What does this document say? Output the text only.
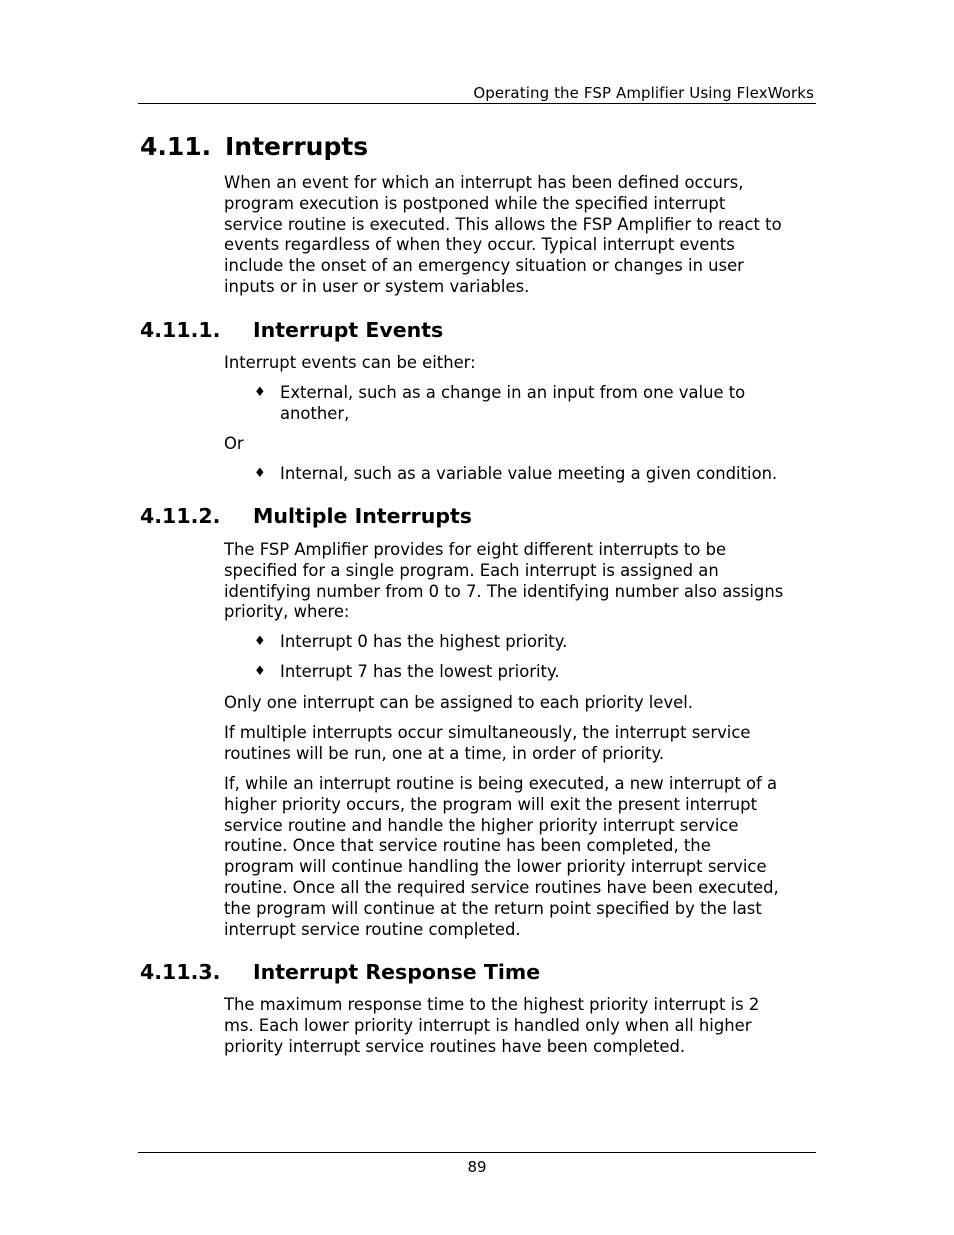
Operating the FSP Amplifier Using FlexWorks
4.11. Interrupts
When an event for which an interrupt has been defined occurs,
program execution is postponed while the specified interrupt
service routine is executed. This allows the FSP Amplifier to react to
events regardless of when they occur. Typical interrupt events
include the onset of an emergency situation or changes in user
inputs or in user or system variables.
4.11.1. Interrupt Events
Interrupt events can be either:
♦ External, such as a change in an input from one value to
another,
Or
♦ Internal, such as a variable value meeting a given condition.
4.11.2. Multiple Interrupts
The FSP Amplifier provides for eight different interrupts to be
specified for a single program. Each interrupt is assigned an
identifying number from 0 to 7. The identifying number also assigns
priority, where:
♦ Interrupt 0 has the highest priority.
♦ Interrupt 7 has the lowest priority.
Only one interrupt can be assigned to each priority level.
If multiple interrupts occur simultaneously, the interrupt service
routines will be run, one at a time, in order of priority.
If, while an interrupt routine is being executed, a new interrupt of a
higher priority occurs, the program will exit the present interrupt
service routine and handle the higher priority interrupt service
routine. Once that service routine has been completed, the
program will continue handling the lower priority interrupt service
routine. Once all the required service routines have been executed,
the program will continue at the return point specified by the last
interrupt service routine completed.
4.11.3. Interrupt Response Time
The maximum response time to the highest priority interrupt is 2
ms. Each lower priority interrupt is handled only when all higher
priority interrupt service routines have been completed.
89
